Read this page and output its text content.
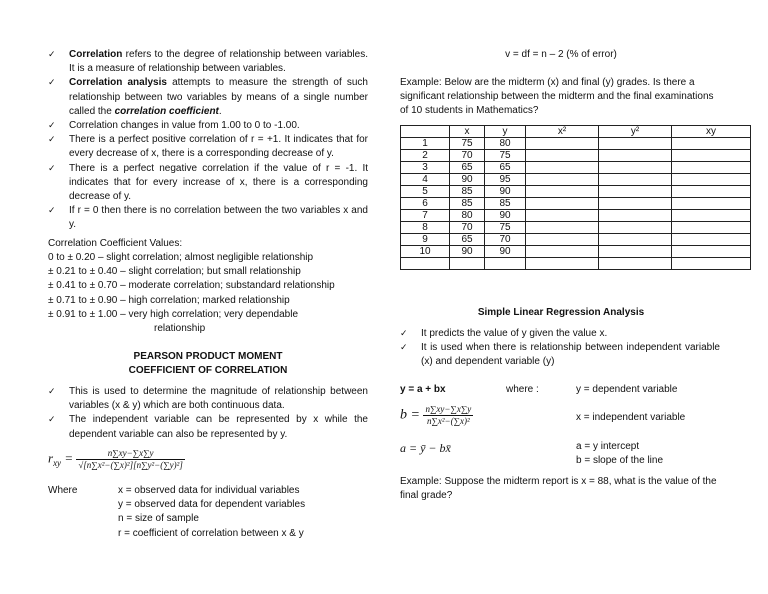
✓ Correlation refers to the degree of relationship between variables. It is a measure of relationship between variables.
✓ Correlation analysis attempts to measure the strength of such relationship between two variables by means of a single number called the correlation coefficient.
✓ Correlation changes in value from 1.00 to 0 to -1.00.
✓ There is a perfect positive correlation of r = +1. It indicates that for every decrease of x, there is a corresponding decrease of y.
✓ There is a perfect negative correlation if the value of r = -1. It indicates that for every increase of x, there is a corresponding decrease of y.
✓ If r = 0 then there is no correlation between the two variables x and y.
Correlation Coefficient Values:
0 to ± 0.20 – slight correlation; almost negligible relationship
± 0.21 to ± 0.40 – slight correlation; but small relationship
± 0.41 to ± 0.70 – moderate correlation; substandard relationship
± 0.71 to ± 0.90 – high correlation; marked relationship
± 0.91 to ± 1.00 – very high correlation; very dependable
relationship
PEARSON PRODUCT MOMENT
COEFFICIENT OF CORRELATION
✓ This is used to determine the magnitude of relationship between variables (x & y) which are both continuous data.
✓ The independent variable can be represented by x while the dependent variable can also be represented by y.
$r_{xy} = \frac{n\sum xy-\sum x\sum y}{\text{√[n∑x²−(∑x)²][n∑y²−(∑y)²]}}$
Where	x = observed data for individual variables
y = observed data for dependent variables
n = size of sample
r = coefficient of correlation between x & y
v = df = n – 2 (% of error)
Example: Below are the midterm (x) and final (y) grades. Is there a significant relationship between the midterm and the final examinations of 10 students in Mathematics?
	x	y	x²	y²	xy
1	75	80			
2	70	75			
3	65	65			
4	90	95			
5	85	90			
6	85	85			
7	80	90			
8	70	75			
9	65	70			
10	90	90			

Simple Linear Regression Analysis
✓ It predicts the value of y given the value x.
✓ It is used when there is relationship between independent variable (x) and dependent variable (y)
y = a + bx	where :	y = dependent variable
$b = \frac{n\sum xy-\sum x\sum y}{\text{n∑x²−(∑x)²}}$	x = independent variable
a = ȳ − bx̄	a = y intercept
b = slope of the line
Example: Suppose the midterm report is x = 88, what is the value of the final grade?
